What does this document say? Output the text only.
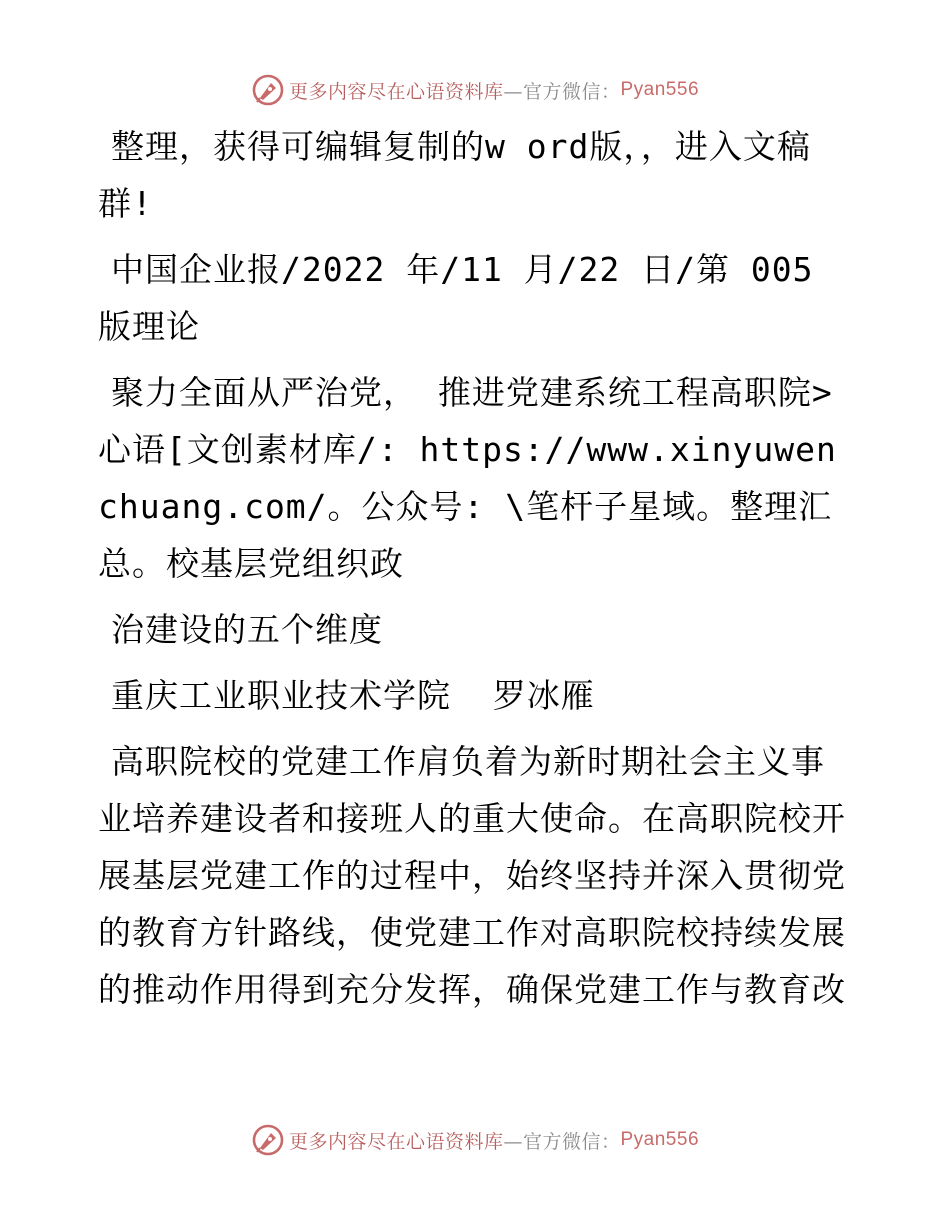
更多内容尽在心语资料库 —官方微信： Pyan556

整理，获得可编辑复制的w ord版，，进入文稿群!

中国企业报/2022 年/11 月/22 日/第 005 版理论

聚力全面从严治党， 推进党建系统工程高职院>心语[文创素材库/: https://www.xinyuwenchuang.com/。公众号: \笔杆子星域。整理汇总。校基层党组织政

治建设的五个维度

重庆工业职业技术学院  罗冰雁

高职院校的党建工作肩负着为新时期社会主义事业培养建设者和接班人的重大使命。在高职院校开展基层党建工作的过程中，始终坚持并深入贯彻党的教育方针路线，使党建工作对高职院校持续发展的推动作用得到充分发挥，确保党建工作与教育改

更多内容尽在心语资料库 —官方微信： Pyan556
